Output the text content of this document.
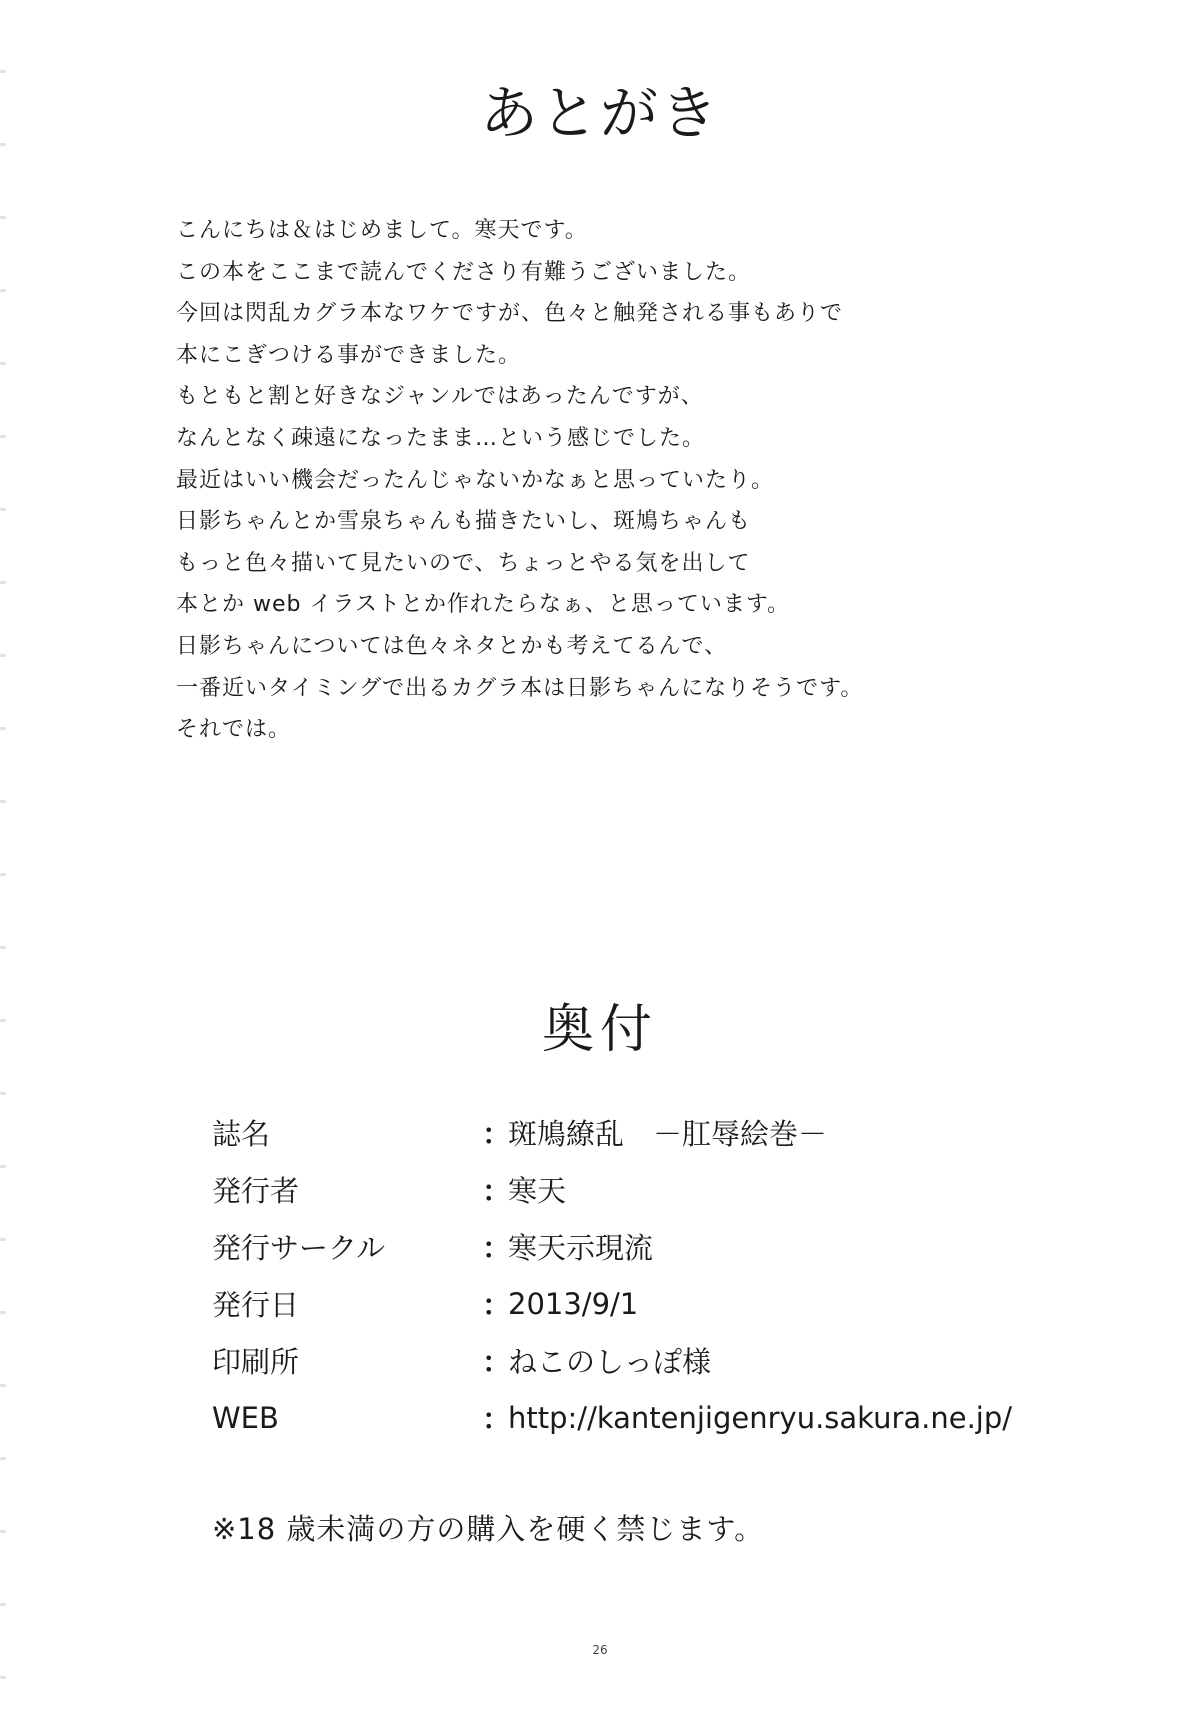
あとがき
こんにちは＆はじめまして。寒天です。
この本をここまで読んでくださり有難うございました。
今回は閃乱カグラ本なワケですが、色々と触発される事もありで
本にこぎつける事ができました。
もともと割と好きなジャンルではあったんですが、
なんとなく疎遠になったまま…という感じでした。
最近はいい機会だったんじゃないかなぁと思っていたり。
日影ちゃんとか雪泉ちゃんも描きたいし、斑鳩ちゃんも
もっと色々描いて見たいので、ちょっとやる気を出して
本とか web イラストとか作れたらなぁ、と思っています。
日影ちゃんについては色々ネタとかも考えてるんで、
一番近いタイミングで出るカグラ本は日影ちゃんになりそうです。
それでは。
奥付
誌名	：
斑鳩繚乱　－肛辱絵巻－
発行者	：
寒天
発行サークル	：
寒天示現流
発行日	：
2013/9/1
印刷所	：
ねこのしっぽ様
WEB	：
http://kantenjigenryu.sakura.ne.jp/

※18 歳未満の方の購入を硬く禁じます。

26
